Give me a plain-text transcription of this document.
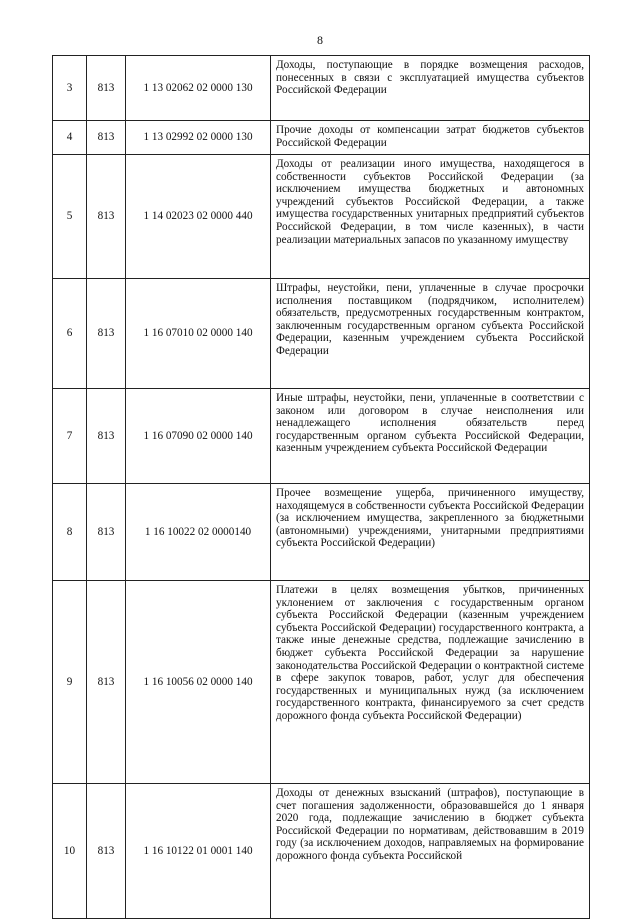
8
3	813	1 13 02062 02 0000 130	Доходы, поступающие в порядке возмещения расходов, понесенных в связи с эксплуатацией имущества субъектов Российской Федерации
4	813	1 13 02992 02 0000 130	Прочие доходы от компенсации затрат бюджетов субъектов Российской Федерации
5	813	1 14 02023 02 0000 440	Доходы от реализации иного имущества, находящегося в собственности субъектов Российской Федерации (за исключением имущества бюджетных и автономных учреждений субъектов Российской Федерации, а также имущества государственных унитарных предприятий субъектов Российской Федерации, в том числе казенных), в части реализации материальных запасов по указанному имуществу
6	813	1 16 07010 02 0000 140	Штрафы, неустойки, пени, уплаченные в случае просрочки исполнения поставщиком (подрядчиком, исполнителем) обязательств, предусмотренных государственным контрактом, заключенным государственным органом субъекта Российской Федерации, казенным учреждением субъекта Российской Федерации
7	813	1 16 07090 02 0000 140	Иные штрафы, неустойки, пени, уплаченные в соответствии с законом или договором в случае неисполнения или ненадлежащего исполнения обязательств перед государственным органом субъекта Российской Федерации, казенным учреждением субъекта Российской Федерации
8	813	1 16 10022 02 0000140	Прочее возмещение ущерба, причиненного имуществу, находящемуся в собственности субъекта Российской Федерации (за исключением имущества, закрепленного за бюджетными (автономными) учреждениями, унитарными предприятиями субъекта Российской Федерации)
9	813	1 16 10056 02 0000 140	Платежи в целях возмещения убытков, причиненных уклонением от заключения с государственным органом субъекта Российской Федерации (казенным учреждением субъекта Российской Федерации) государственного контракта, а также иные денежные средства, подлежащие зачислению в бюджет субъекта Российской Федерации за нарушение законодательства Российской Федерации о контрактной системе в сфере закупок товаров, работ, услуг для обеспечения государственных и муниципальных нужд (за исключением государственного контракта, финансируемого за счет средств дорожного фонда субъекта Российской Федерации)
10	813	1 16 10122 01 0001 140	Доходы от денежных взысканий (штрафов), поступающие в счет погашения задолженности, образовавшейся до 1 января 2020 года, подлежащие зачислению в бюджет субъекта Российской Федерации по нормативам, действовавшим в 2019 году (за исключением доходов, направляемых на формирование дорожного фонда субъекта Российской
